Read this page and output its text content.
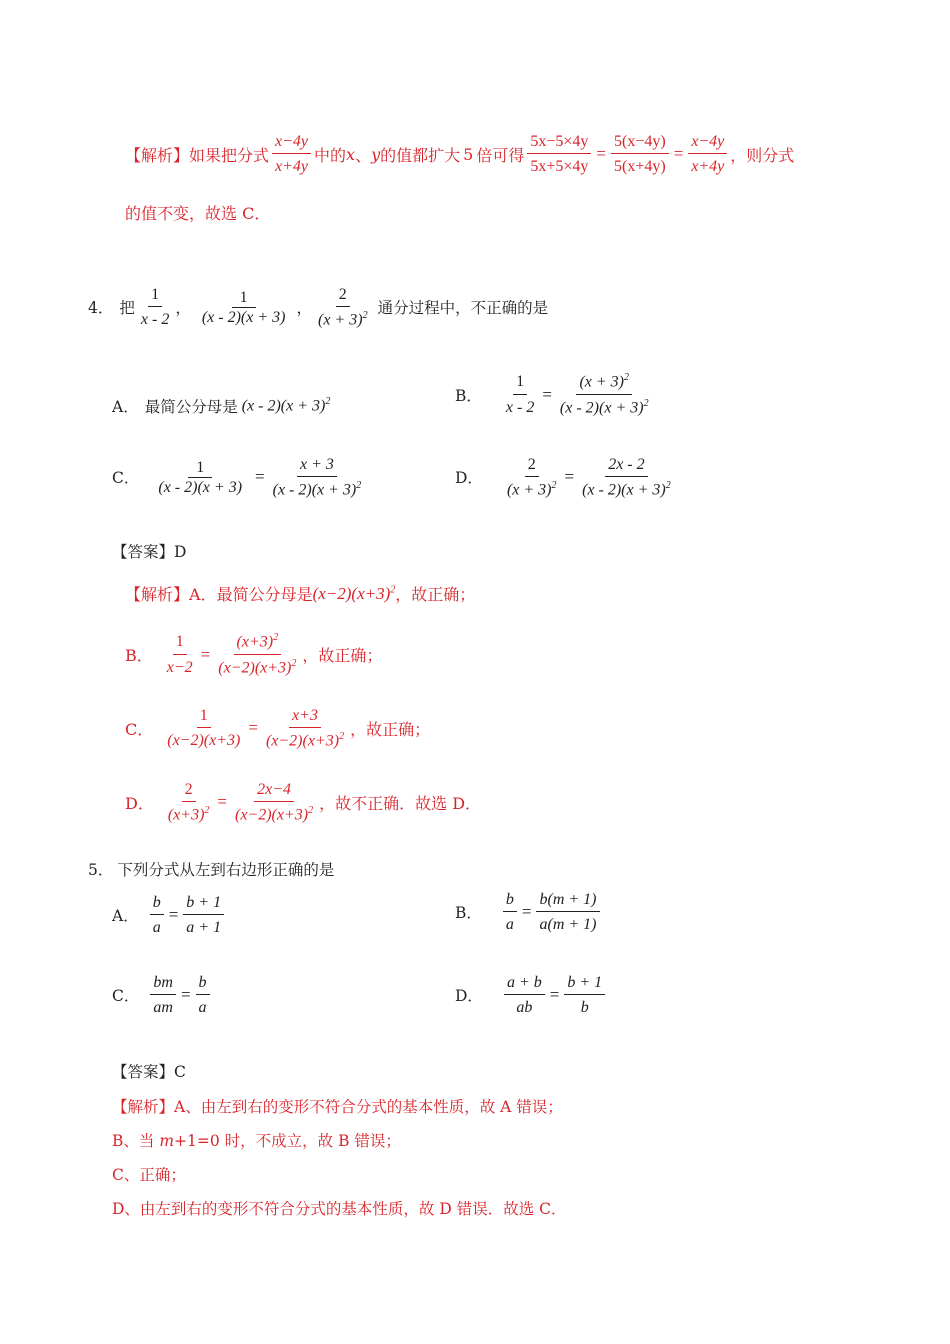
【解析】 如果把分式 $\frac{x-4y}{x+4y}$ 中的 x 、 y 的值都扩大 5 倍可得 $\frac{5x-5\times 4y}{5x+5\times 4y} = \frac{5(x-4y)}{5(x+4y)} = \frac{x-4y}{x+4y}$ ，则分式
的值不变，故选 C．
4． 把 $\frac{1}{x - 2}$ ， $\frac{1}{(x - 2)(x + 3)}$ ， $\frac{2}{(x + 3)^2}$ 通分过程中，不正确的是
A． 最简公分母是 $(x - 2)(x + 3)^2$	B． $\frac{1}{x - 2} = \frac{(x + 3)^2}{(x - 2)(x + 3)^2}$
C． $\frac{1}{(x - 2)(x + 3)} = \frac{x + 3}{(x - 2)(x + 3)^2}$	D． $\frac{2}{(x + 3)^2} = \frac{2x - 2}{(x - 2)(x + 3)^2}$
【答案】D
【解析】 A．最简公分母是 $(x-2)(x+3)^2$ ，故正确；
B． $\frac{1}{x-2} = \frac{(x+3)^2}{(x-2)(x+3)^2}$ ，故正确；
C． $\frac{1}{(x-2)(x+3)} = \frac{x+3}{(x-2)(x+3)^2}$ ，故正确；
D． $\frac{2}{(x+3)^2} = \frac{2x-4}{(x-2)(x+3)^2}$ ，故不正确．故选 D．
5． 下列分式从左到右边形正确的是
A． $\frac{b}{a} = \frac{b + 1}{a + 1}$	B． $\frac{b}{a} = \frac{b(m + 1)}{a(m + 1)}$
C． $\frac{bm}{am} = \frac{b}{a}$	D． $\frac{a + b}{ab} = \frac{b + 1}{b}$
【答案】C
【解析】A、由左到右的变形不符合分式的基本性质，故 A 错误；
B、当 m+1=0 时，不成立，故 B 错误；
C、正确；
D、由左到右的变形不符合分式的基本性质，故 D 错误．故选 C．
